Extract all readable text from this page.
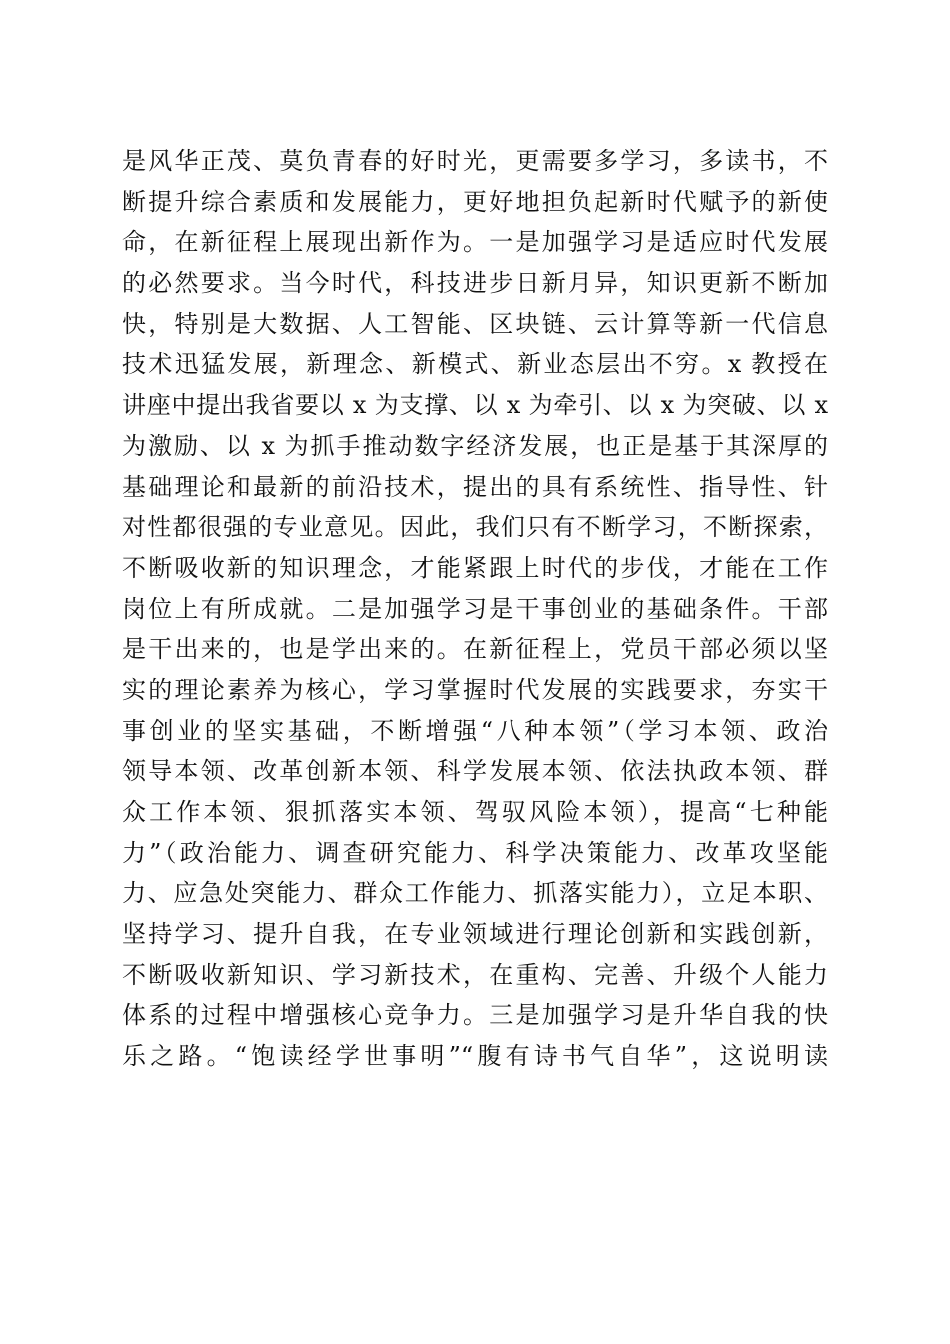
是风华正茂、莫负青春的好时光，更需要多学习，多读书，不
断提升综合素质和发展能力，更好地担负起新时代赋予的新使
命，在新征程上展现出新作为。一是加强学习是适应时代发展
的必然要求。当今时代，科技进步日新月异，知识更新不断加
快，特别是大数据、人工智能、区块链、云计算等新一代信息
技术迅猛发展，新理念、新模式、新业态层出不穷。x 教授在
讲座中提出我省要以 x 为支撑、以 x 为牵引、以 x 为突破、以 x
为激励、以 x 为抓手推动数字经济发展，也正是基于其深厚的
基础理论和最新的前沿技术，提出的具有系统性、指导性、针
对性都很强的专业意见。因此，我们只有不断学习，不断探索，
不断吸收新的知识理念，才能紧跟上时代的步伐，才能在工作
岗位上有所成就。二是加强学习是干事创业的基础条件。干部
是干出来的，也是学出来的。在新征程上，党员干部必须以坚
实的理论素养为核心，学习掌握时代发展的实践要求，夯实干
事创业的坚实基础，不断增强“八种本领”（学习本领、政治
领导本领、改革创新本领、科学发展本领、依法执政本领、群
众工作本领、狠抓落实本领、驾驭风险本领），提高“七种能
力”（政治能力、调查研究能力、科学决策能力、改革攻坚能
力、应急处突能力、群众工作能力、抓落实能力），立足本职、
坚持学习、提升自我，在专业领域进行理论创新和实践创新，
不断吸收新知识、学习新技术，在重构、完善、升级个人能力
体系的过程中增强核心竞争力。三是加强学习是升华自我的快
乐之路。“饱读经学世事明”“腹有诗书气自华”，这说明读
